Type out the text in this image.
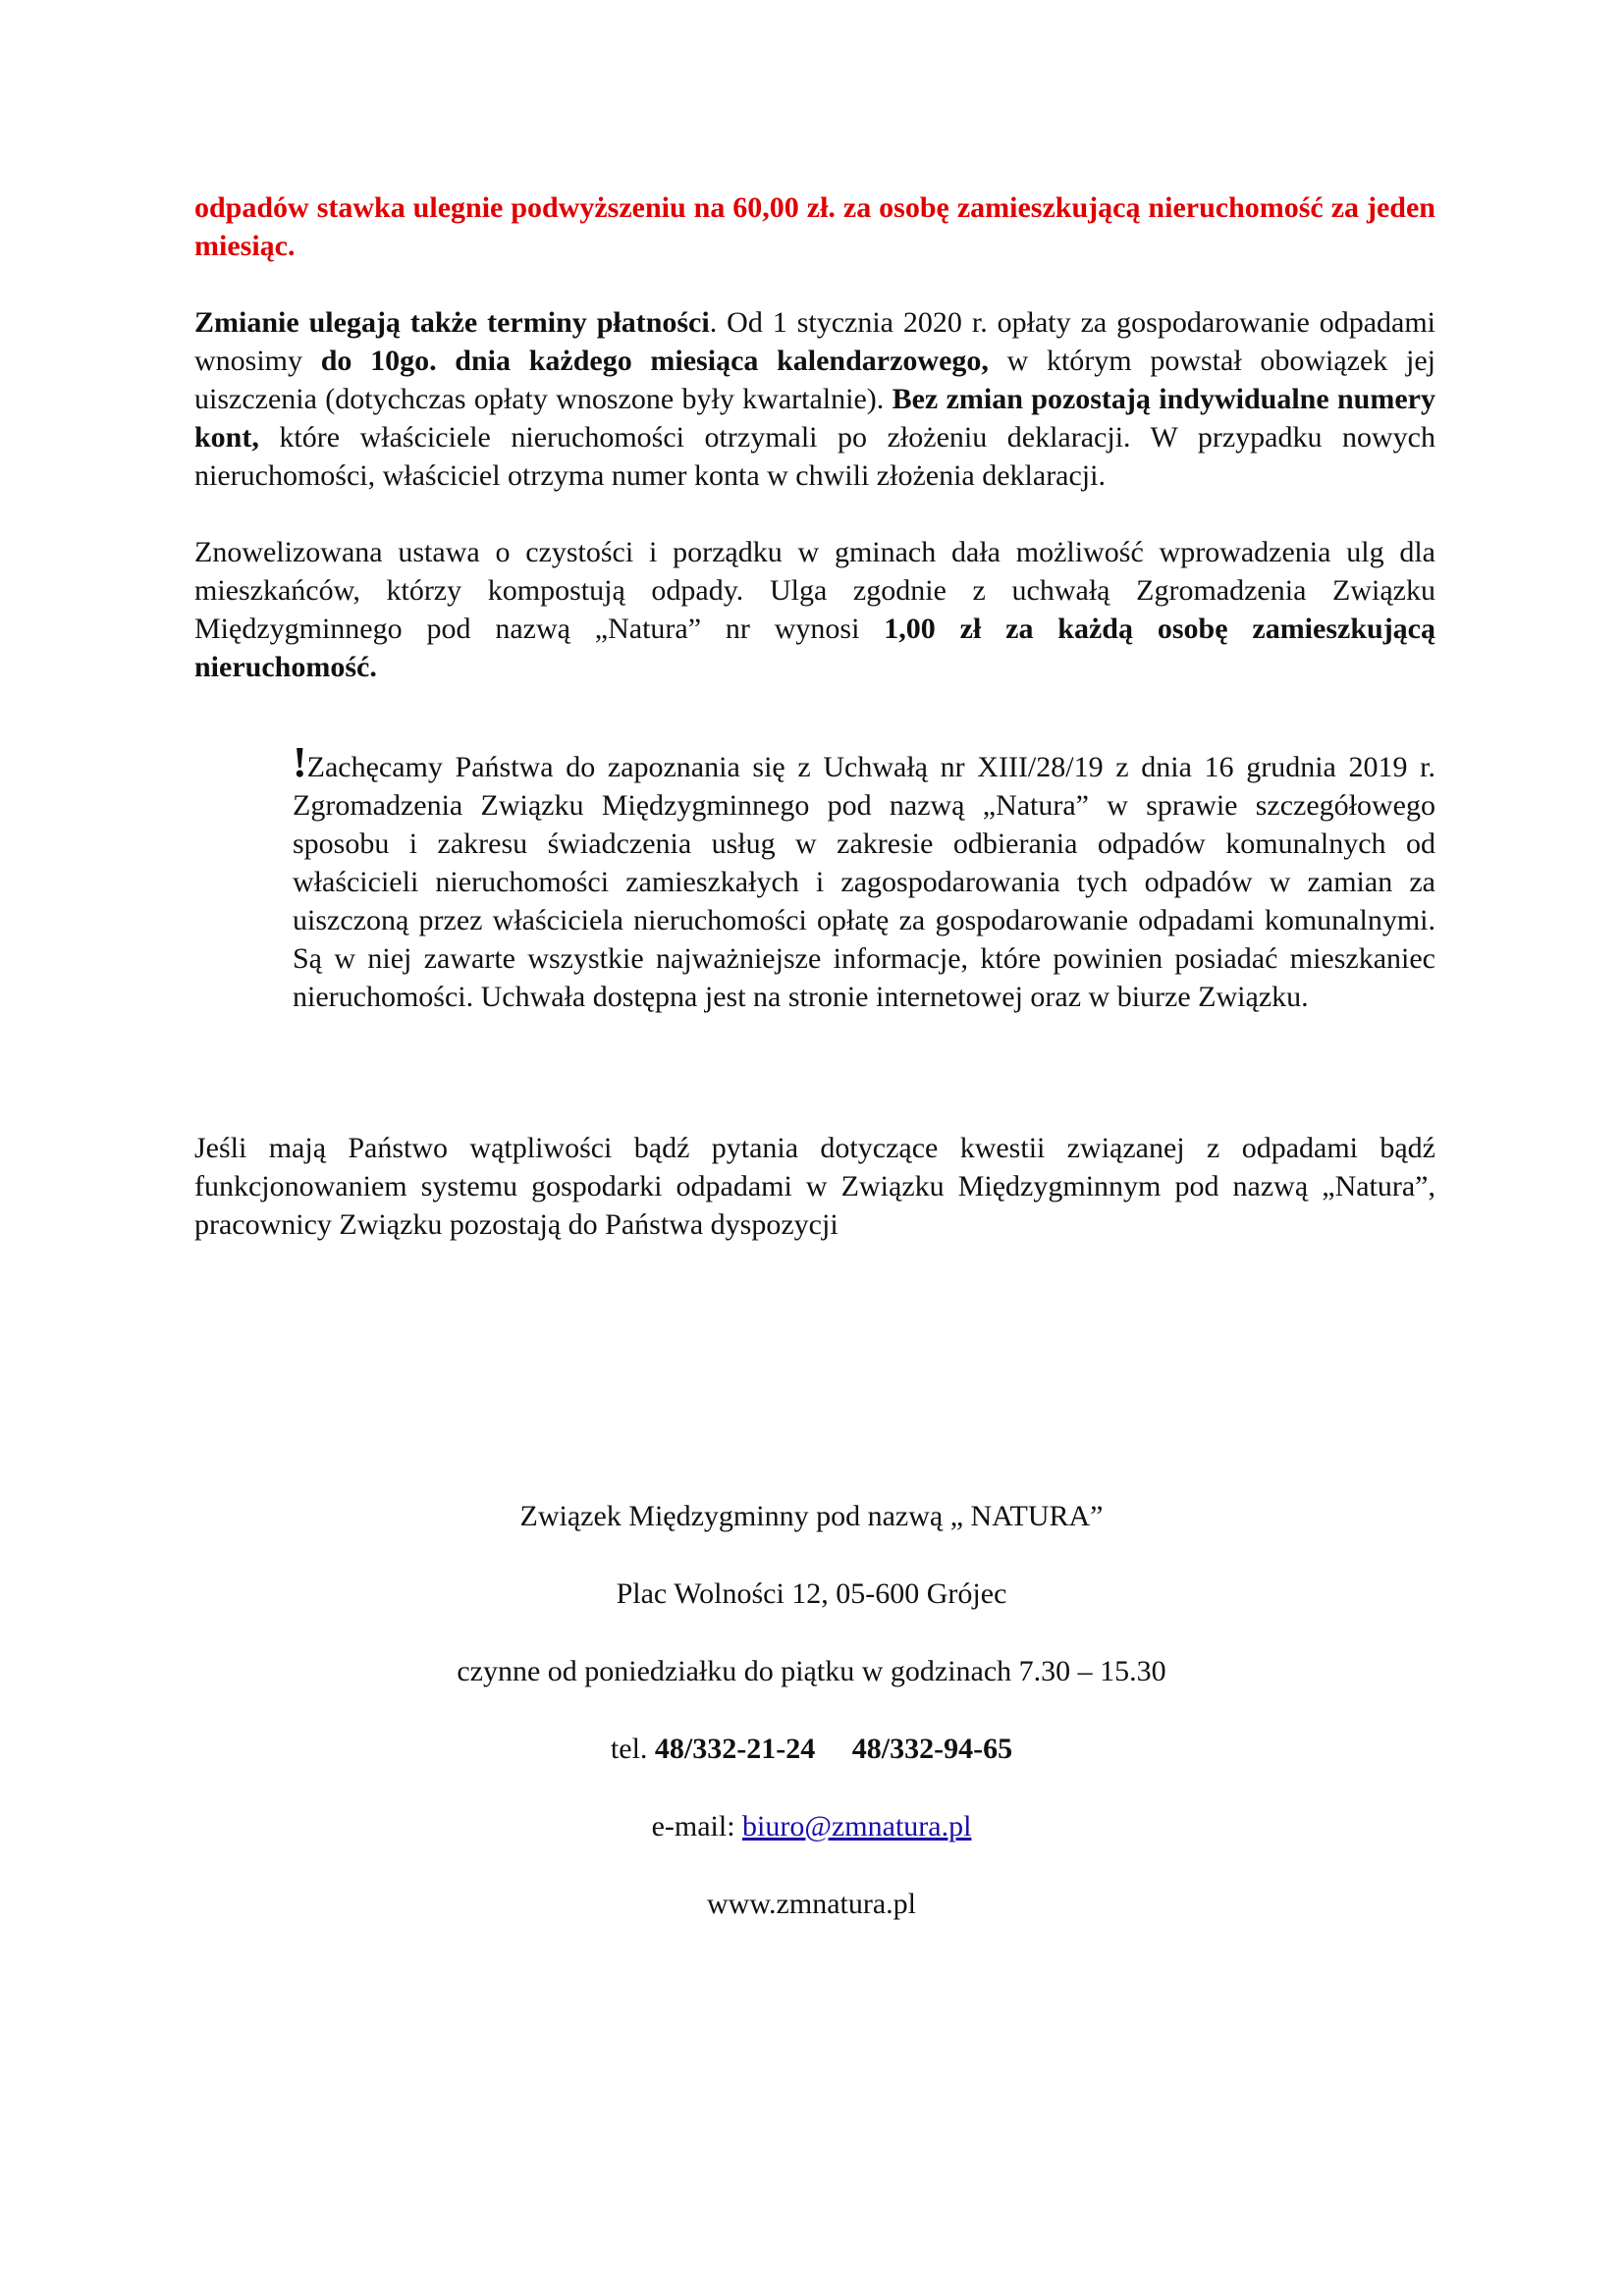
odpadów stawka ulegnie podwyższeniu na 60,00 zł. za osobę zamieszkującą nieruchomość za jeden miesiąc.

Zmianie ulegają także terminy płatności. Od 1 stycznia 2020 r. opłaty za gospodarowanie odpadami wnosimy do 10go. dnia każdego miesiąca kalendarzowego, w którym powstał obowiązek jej uiszczenia (dotychczas opłaty wnoszone były kwartalnie). Bez zmian pozostają indywidualne numery kont, które właściciele nieruchomości otrzymali po złożeniu deklaracji. W przypadku nowych nieruchomości, właściciel otrzyma numer konta w chwili złożenia deklaracji.

Znowelizowana ustawa o czystości i porządku w gminach dała możliwość wprowadzenia ulg dla mieszkańców, którzy kompostują odpady. Ulga zgodnie z uchwałą Zgromadzenia Związku Międzygminnego pod nazwą „Natura” nr wynosi 1,00 zł za każdą osobę zamieszkującą nieruchomość.

!Zachęcamy Państwa do zapoznania się z Uchwałą nr XIII/28/19 z dnia 16 grudnia 2019 r. Zgromadzenia Związku Międzygminnego pod nazwą „Natura” w sprawie szczegółowego sposobu i zakresu świadczenia usług w zakresie odbierania odpadów komunalnych od właścicieli nieruchomości zamieszkałych i zagospodarowania tych odpadów w zamian za uiszczoną przez właściciela nieruchomości opłatę za gospodarowanie odpadami komunalnymi. Są w niej zawarte wszystkie najważniejsze informacje, które powinien posiadać mieszkaniec nieruchomości. Uchwała dostępna jest na stronie internetowej oraz w biurze Związku.

Jeśli mają Państwo wątpliwości bądź pytania dotyczące kwestii związanej z odpadami bądź funkcjonowaniem systemu gospodarki odpadami w Związku Międzygminnym pod nazwą „Natura”, pracownicy Związku pozostają do Państwa dyspozycji

Związek Międzygminny pod nazwą „ NATURA”
Plac Wolności 12, 05-600 Grójec
czynne od poniedziałku do piątku w godzinach 7.30 – 15.30
tel. 48/332-21-24 48/332-94-65
e-mail: biuro@zmnatura.pl
www.zmnatura.pl
